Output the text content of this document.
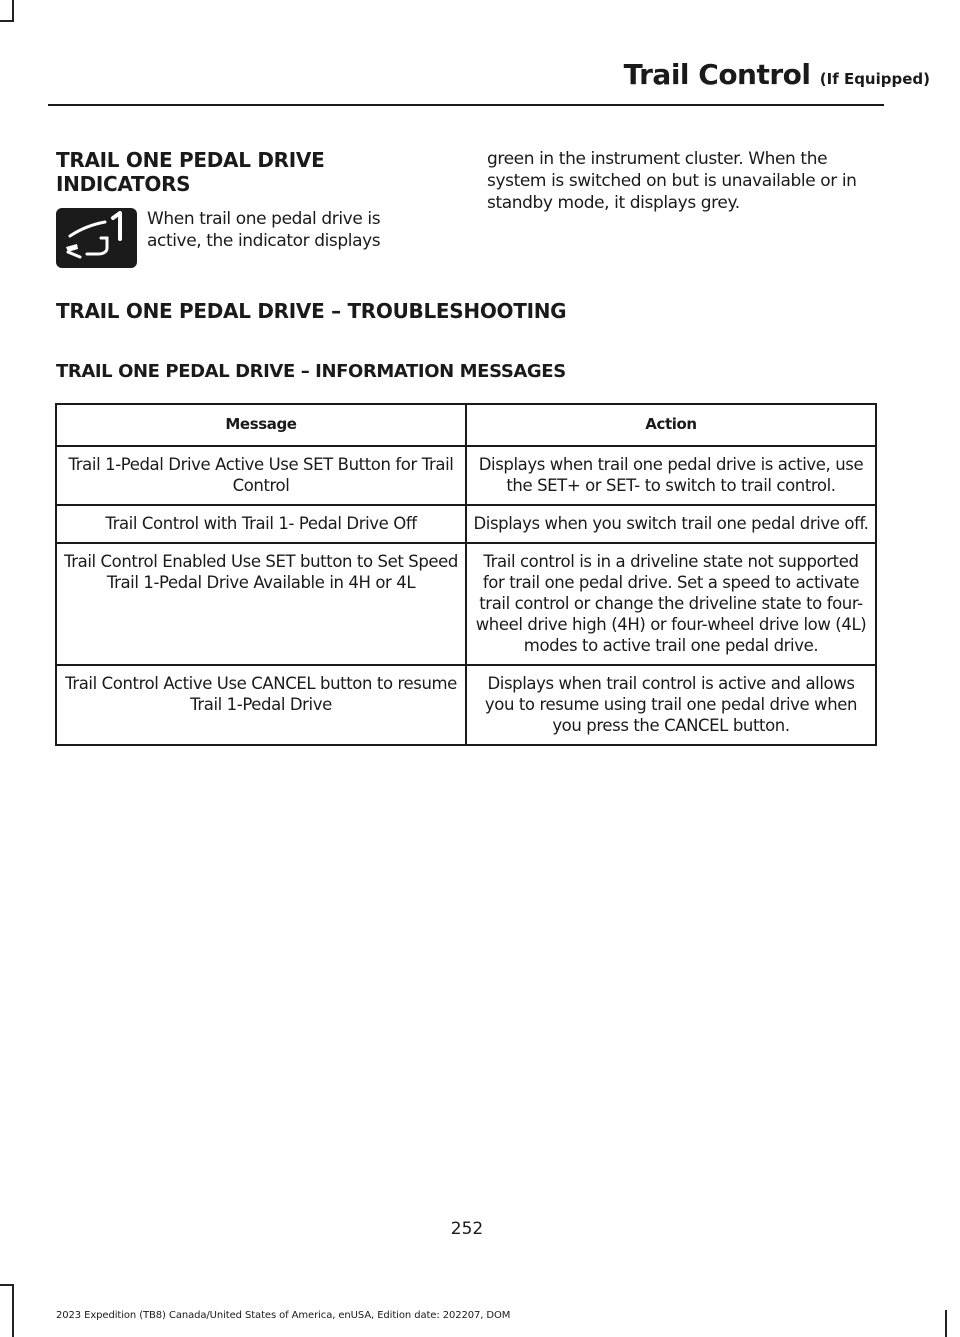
Trail Control (If Equipped)
TRAIL ONE PEDAL DRIVE INDICATORS
When trail one pedal drive is active, the indicator displays
green in the instrument cluster. When the system is switched on but is unavailable or in standby mode, it displays grey.
TRAIL ONE PEDAL DRIVE – TROUBLESHOOTING
TRAIL ONE PEDAL DRIVE – INFORMATION MESSAGES
Message	Action
Trail 1-Pedal Drive Active Use SET Button for Trail Control	Displays when trail one pedal drive is active, use the SET+ or SET- to switch to trail control.
Trail Control with Trail 1- Pedal Drive Off	Displays when you switch trail one pedal drive off.
Trail Control Enabled Use SET button to Set Speed Trail 1-Pedal Drive Available in 4H or 4L	Trail control is in a driveline state not supported for trail one pedal drive. Set a speed to activate trail control or change the driveline state to four-wheel drive high (4H) or four-wheel drive low (4L) modes to active trail one pedal drive.
Trail Control Active Use CANCEL button to resume Trail 1-Pedal Drive	Displays when trail control is active and allows you to resume using trail one pedal drive when you press the CANCEL button.
252
2023 Expedition (TB8) Canada/United States of America, enUSA, Edition date: 202207, DOM
